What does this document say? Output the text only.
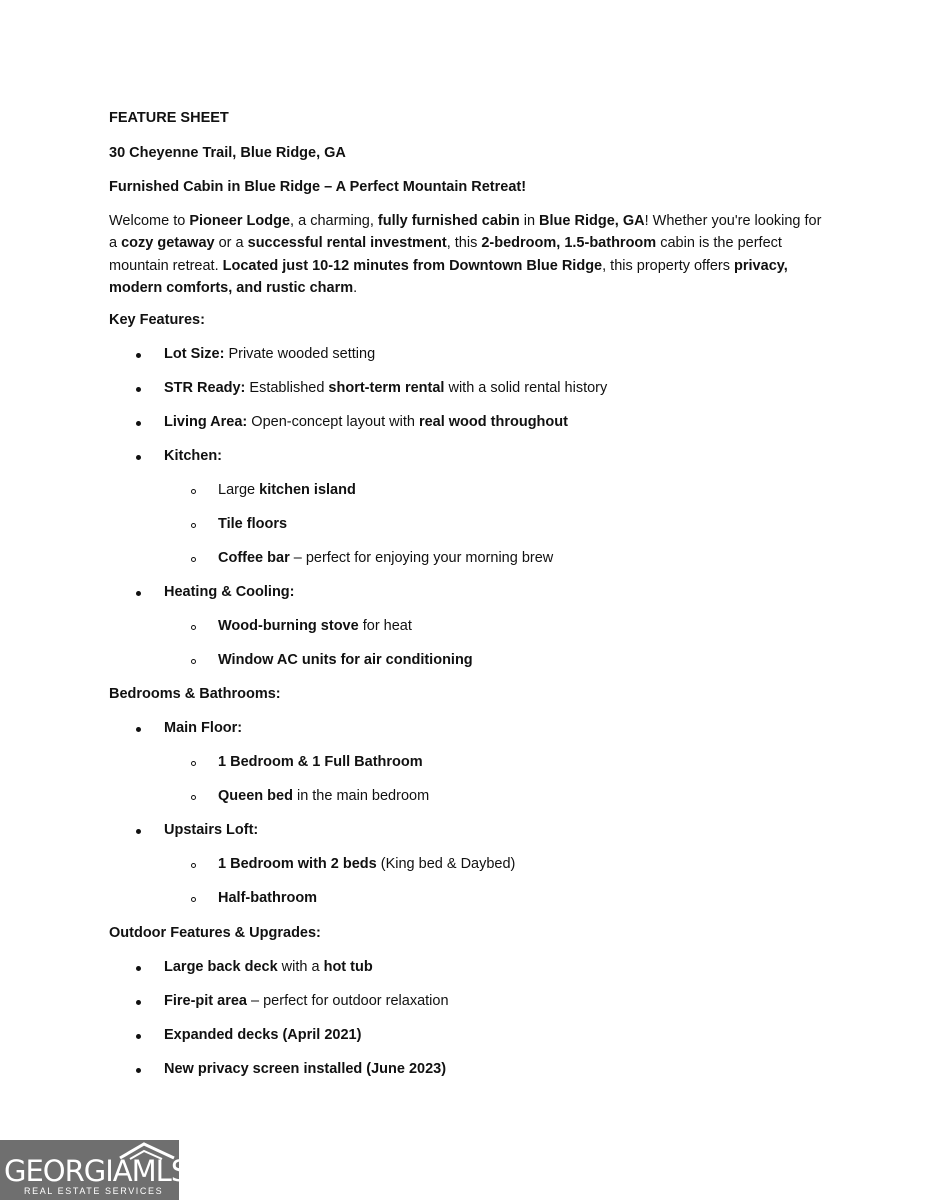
FEATURE SHEET

30 Cheyenne Trail, Blue Ridge, GA

Furnished Cabin in Blue Ridge – A Perfect Mountain Retreat!

Welcome to Pioneer Lodge, a charming, fully furnished cabin in Blue Ridge, GA! Whether you're looking for a cozy getaway or a successful rental investment, this 2-bedroom, 1.5-bathroom cabin is the perfect mountain retreat. Located just 10-12 minutes from Downtown Blue Ridge, this property offers privacy, modern comforts, and rustic charm.

Key Features:

Lot Size: Private wooded setting
STR Ready: Established short-term rental with a solid rental history
Living Area: Open-concept layout with real wood throughout
Kitchen:
Large kitchen island
Tile floors
Coffee bar – perfect for enjoying your morning brew
Heating & Cooling:
Wood-burning stove for heat
Window AC units for air conditioning

Bedrooms & Bathrooms:

Main Floor:
1 Bedroom & 1 Full Bathroom
Queen bed in the main bedroom
Upstairs Loft:
1 Bedroom with 2 beds (King bed & Daybed)
Half-bathroom

Outdoor Features & Upgrades:

Large back deck with a hot tub
Fire-pit area – perfect for outdoor relaxation
Expanded decks (April 2021)
New privacy screen installed (June 2023)
GEORGIAMLS
REAL ESTATE SERVICES
